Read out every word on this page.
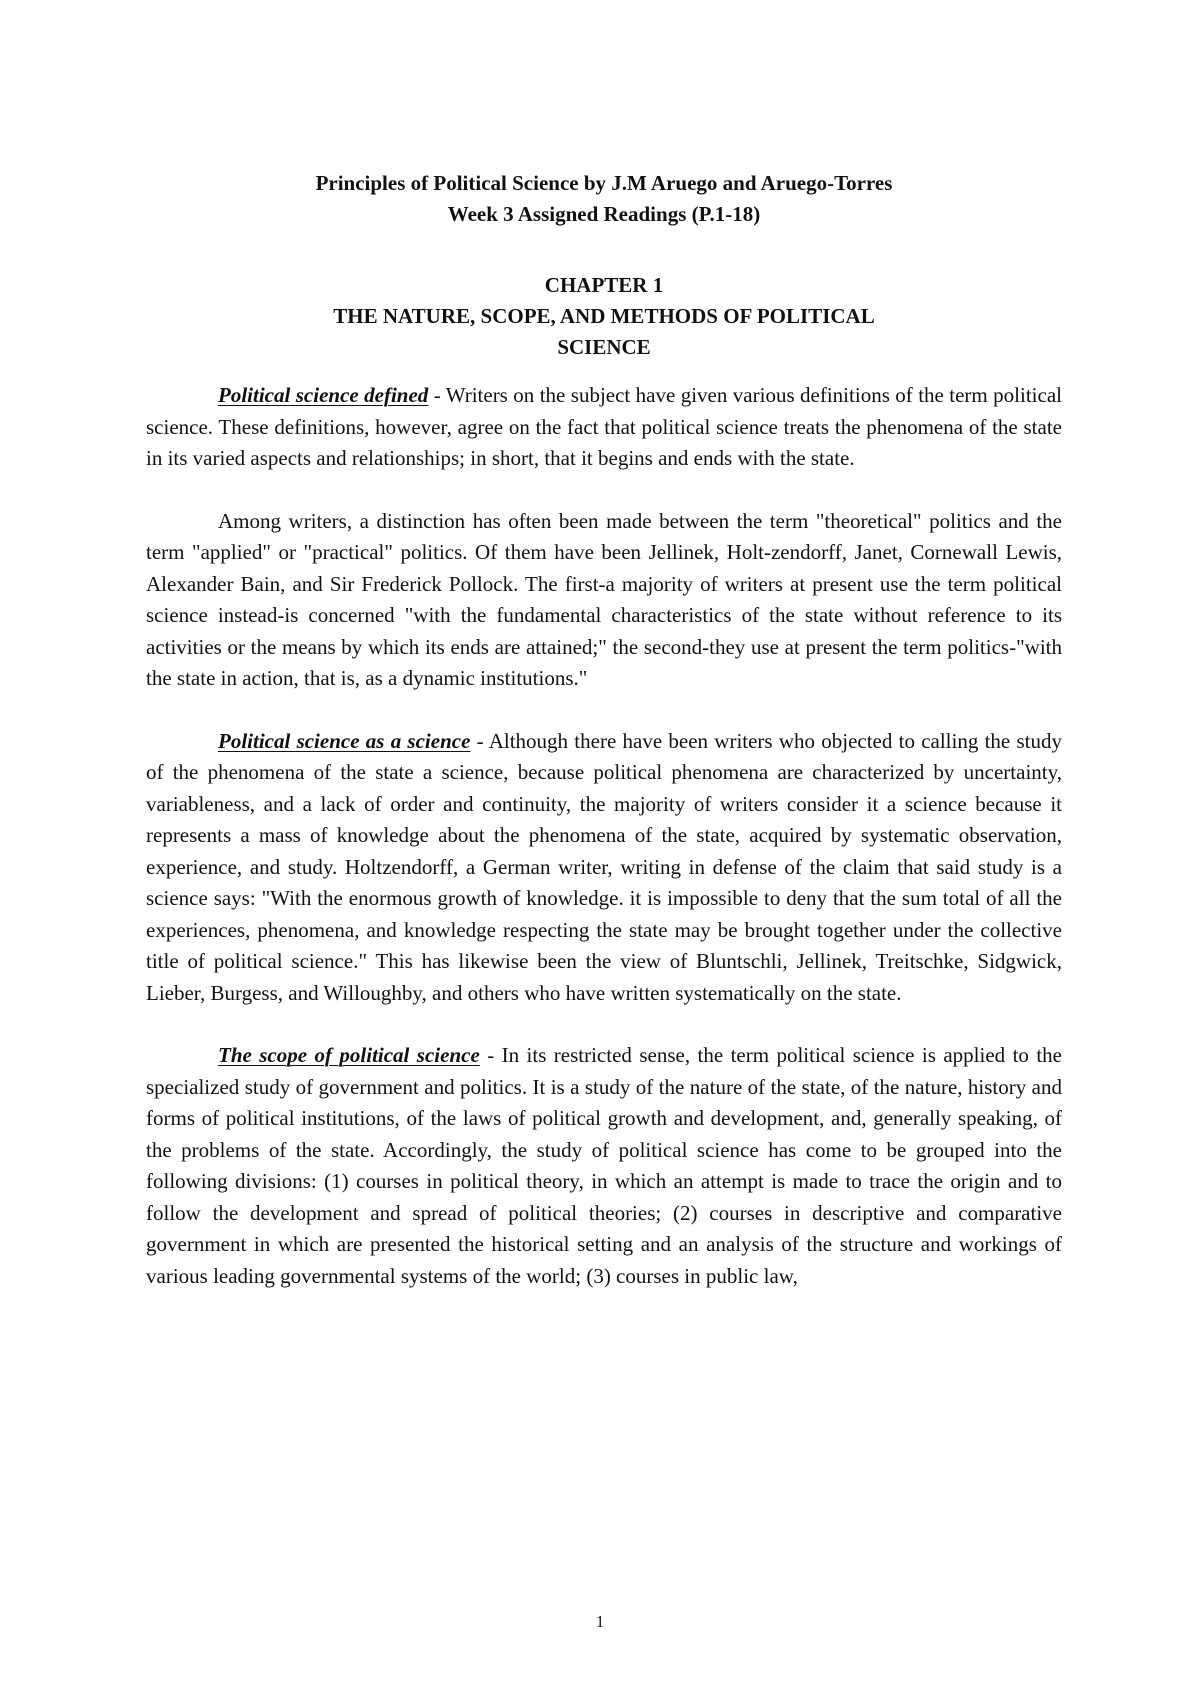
Principles of Political Science by J.M Aruego and Aruego-Torres

Week 3 Assigned Readings (P.1-18)

CHAPTER 1

THE NATURE, SCOPE, AND METHODS OF POLITICAL

SCIENCE

Political science defined - Writers on the subject have given various definitions of the term political science. These definitions, however, agree on the fact that political science treats the phenomena of the state in its varied aspects and relationships; in short, that it begins and ends with the state.

Among writers, a distinction has often been made between the term "theoretical" politics and the term "applied" or "practical" politics. Of them have been Jellinek, Holt-zendorff, Janet, Cornewall Lewis, Alexander Bain, and Sir Frederick Pollock. The first-a majority of writers at present use the term political science instead-is concerned "with the fundamental characteristics of the state without reference to its activities or the means by which its ends are attained;" the second-they use at present the term politics-"with the state in action, that is, as a dynamic institutions."

Political science as a science - Although there have been writers who objected to calling the study of the phenomena of the state a science, because political phenomena are characterized by uncertainty, variableness, and a lack of order and continuity, the majority of writers consider it a science because it represents a mass of knowledge about the phenomena of the state, acquired by systematic observation, experience, and study. Holtzendorff, a German writer, writing in defense of the claim that said study is a science says: "With the enormous growth of knowledge. it is impossible to deny that the sum total of all the experiences, phenomena, and knowledge respecting the state may be brought together under the collective title of political science." This has likewise been the view of Bluntschli, Jellinek, Treitschke, Sidgwick, Lieber, Burgess, and Willoughby, and others who have written systematically on the state.

The scope of political science - In its restricted sense, the term political science is applied to the specialized study of government and politics. It is a study of the nature of the state, of the nature, history and forms of political institutions, of the laws of political growth and development, and, generally speaking, of the problems of the state. Accordingly, the study of political science has come to be grouped into the following divisions: (1) courses in political theory, in which an attempt is made to trace the origin and to follow the development and spread of political theories; (2) courses in descriptive and comparative government in which are presented the historical setting and an analysis of the structure and workings of various leading governmental systems of the world; (3) courses in public law,

1
